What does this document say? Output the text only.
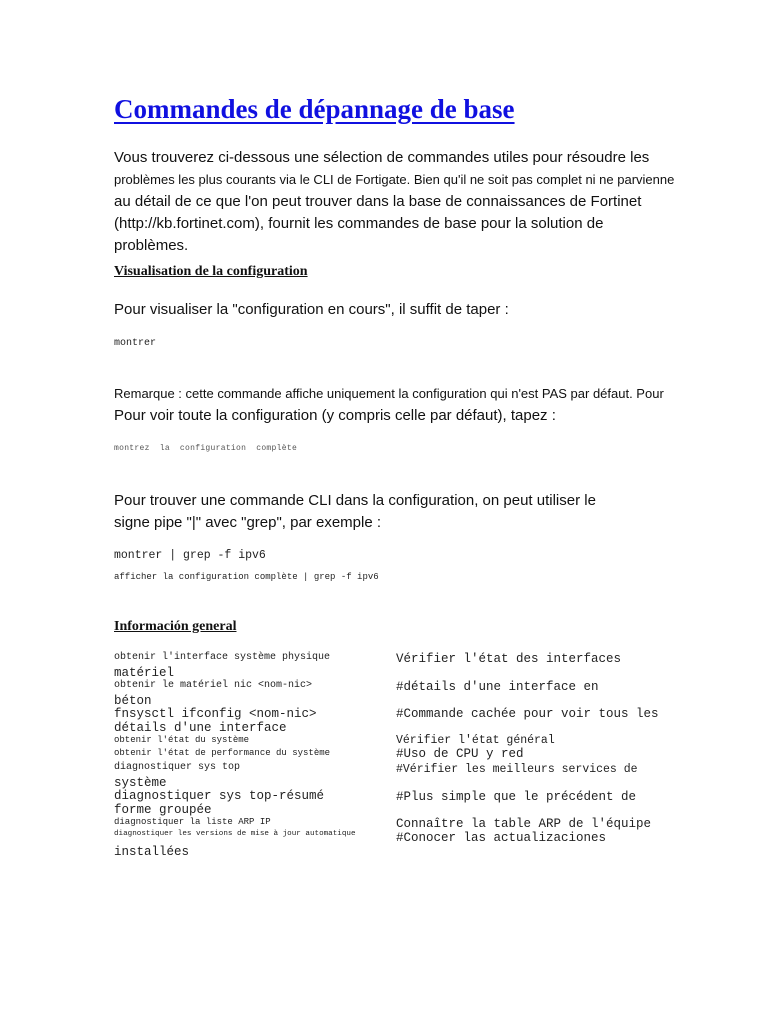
Commandes de dépannage de base
Vous trouverez ci-dessous une sélection de commandes utiles pour résoudre les
problèmes les plus courants via le CLI de Fortigate. Bien qu'il ne soit pas complet ni ne parvienne
au détail de ce que l'on peut trouver dans la base de connaissances de Fortinet
(http://kb.fortinet.com), fournit les commandes de base pour la solution de
problèmes.
Visualisation de la configuration
Pour visualiser la "configuration en cours", il suffit de taper :
montrer
Remarque : cette commande affiche uniquement la configuration qui n'est PAS par défaut. Pour
Pour voir toute la configuration (y compris celle par défaut), tapez :
montrez la configuration complète
Pour trouver une commande CLI dans la configuration, on peut utiliser le
signe pipe "|" avec "grep", par exemple :
montrer | grep -f ipv6
afficher la configuration complète | grep -f ipv6
Información general
obtenir l'interface système physique
matériel
obtenir le matériel nic <nom-nic>
béton
fnsysctl ifconfig <nom-nic>
détails d'une interface
obtenir l'état du système
obtenir l'état de performance du système
diagnostiquer sys top
système
diagnostiquer sys top-résumé
forme groupée
diagnostiquer la liste ARP IP
diagnostiquer les versions de mise à jour automatique
installées
Vérifier l'état des interfaces
#détails d'une interface en
#Commande cachée pour voir tous les
Vérifier l'état général
#Uso de CPU y red
#Vérifier les meilleurs services de
#Plus simple que le précédent de
Connaître la table ARP de l'équipe
#Conocer las actualizaciones
